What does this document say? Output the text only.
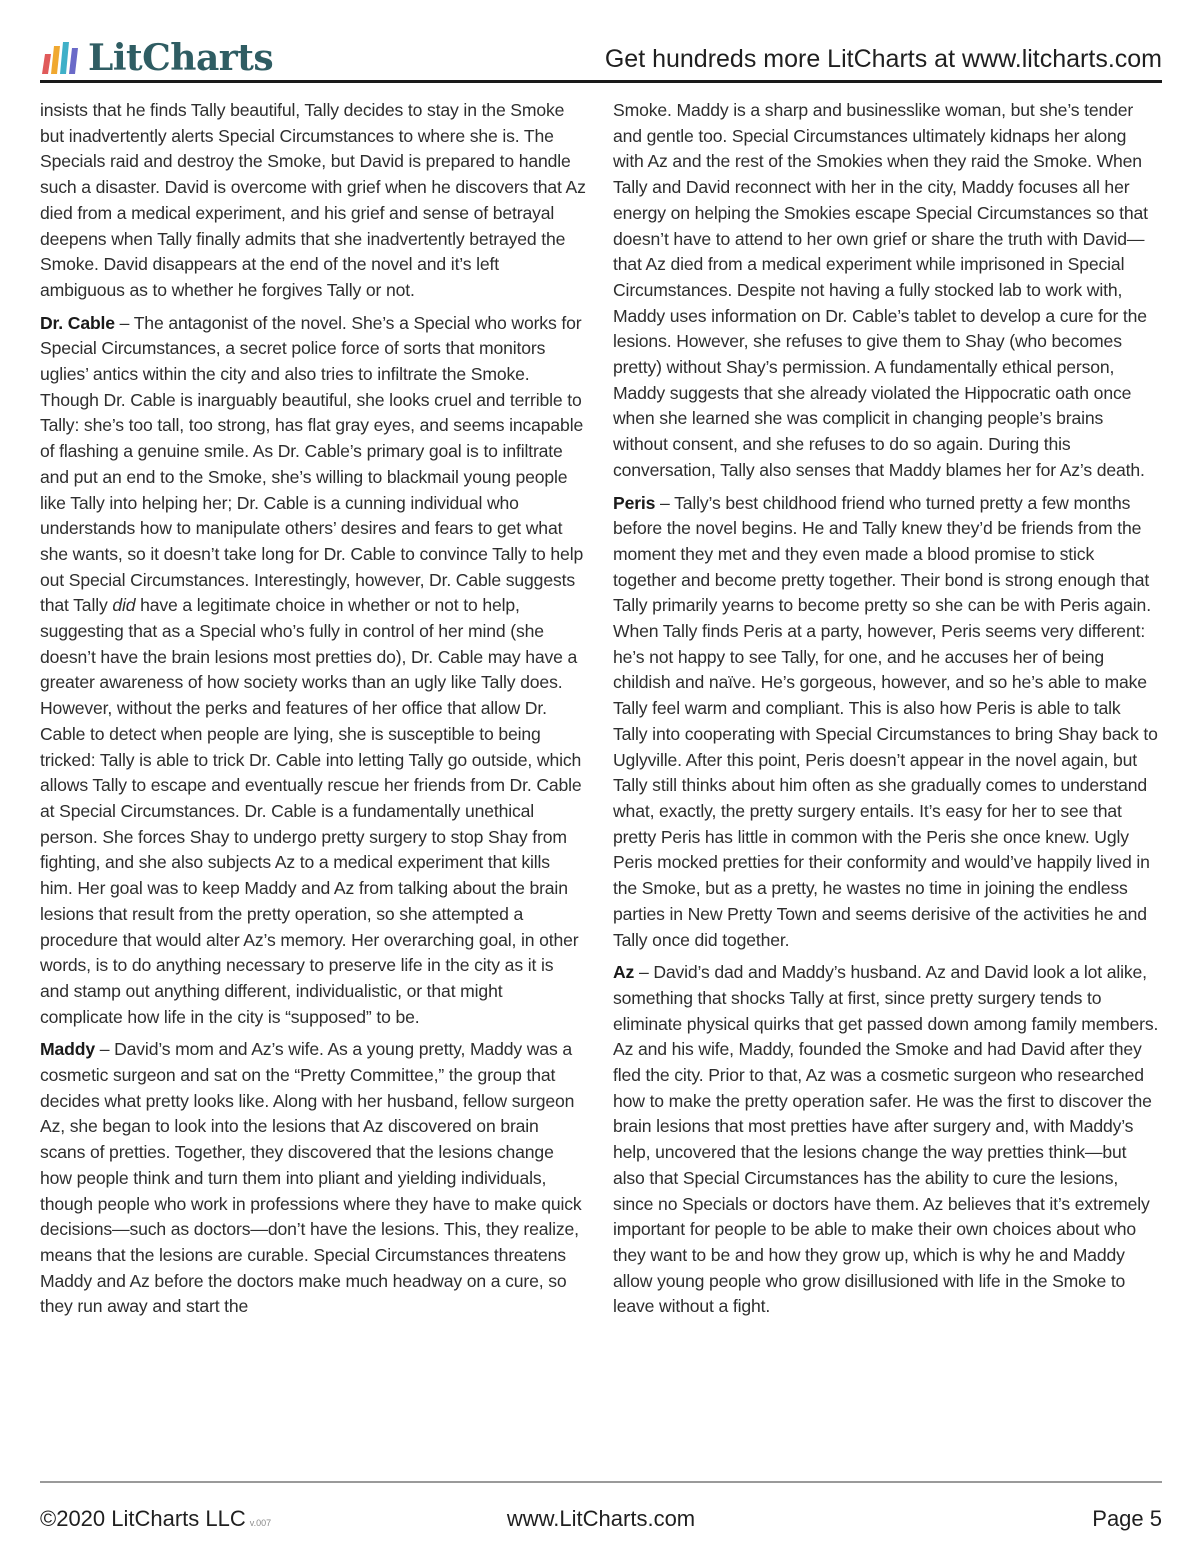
LitCharts	Get hundreds more LitCharts at www.litcharts.com

insists that he finds Tally beautiful, Tally decides to stay in the Smoke but inadvertently alerts Special Circumstances to where she is. The Specials raid and destroy the Smoke, but David is prepared to handle such a disaster. David is overcome with grief when he discovers that Az died from a medical experiment, and his grief and sense of betrayal deepens when Tally finally admits that she inadvertently betrayed the Smoke. David disappears at the end of the novel and it’s left ambiguous as to whether he forgives Tally or not.

Dr. Cable – The antagonist of the novel. She’s a Special who works for Special Circumstances, a secret police force of sorts that monitors uglies’ antics within the city and also tries to infiltrate the Smoke. Though Dr. Cable is inarguably beautiful, she looks cruel and terrible to Tally: she’s too tall, too strong, has flat gray eyes, and seems incapable of flashing a genuine smile. As Dr. Cable’s primary goal is to infiltrate and put an end to the Smoke, she’s willing to blackmail young people like Tally into helping her; Dr. Cable is a cunning individual who understands how to manipulate others’ desires and fears to get what she wants, so it doesn’t take long for Dr. Cable to convince Tally to help out Special Circumstances. Interestingly, however, Dr. Cable suggests that Tally did have a legitimate choice in whether or not to help, suggesting that as a Special who’s fully in control of her mind (she doesn’t have the brain lesions most pretties do), Dr. Cable may have a greater awareness of how society works than an ugly like Tally does. However, without the perks and features of her office that allow Dr. Cable to detect when people are lying, she is susceptible to being tricked: Tally is able to trick Dr. Cable into letting Tally go outside, which allows Tally to escape and eventually rescue her friends from Dr. Cable at Special Circumstances. Dr. Cable is a fundamentally unethical person. She forces Shay to undergo pretty surgery to stop Shay from fighting, and she also subjects Az to a medical experiment that kills him. Her goal was to keep Maddy and Az from talking about the brain lesions that result from the pretty operation, so she attempted a procedure that would alter Az’s memory. Her overarching goal, in other words, is to do anything necessary to preserve life in the city as it is and stamp out anything different, individualistic, or that might complicate how life in the city is “supposed” to be.

Maddy – David’s mom and Az’s wife. As a young pretty, Maddy was a cosmetic surgeon and sat on the “Pretty Committee,” the group that decides what pretty looks like. Along with her husband, fellow surgeon Az, she began to look into the lesions that Az discovered on brain scans of pretties. Together, they discovered that the lesions change how people think and turn them into pliant and yielding individuals, though people who work in professions where they have to make quick decisions—such as doctors—don’t have the lesions. This, they realize, means that the lesions are curable. Special Circumstances threatens Maddy and Az before the doctors make much headway on a cure, so they run away and start the

Smoke. Maddy is a sharp and businesslike woman, but she’s tender and gentle too. Special Circumstances ultimately kidnaps her along with Az and the rest of the Smokies when they raid the Smoke. When Tally and David reconnect with her in the city, Maddy focuses all her energy on helping the Smokies escape Special Circumstances so that doesn’t have to attend to her own grief or share the truth with David—that Az died from a medical experiment while imprisoned in Special Circumstances. Despite not having a fully stocked lab to work with, Maddy uses information on Dr. Cable’s tablet to develop a cure for the lesions. However, she refuses to give them to Shay (who becomes pretty) without Shay’s permission. A fundamentally ethical person, Maddy suggests that she already violated the Hippocratic oath once when she learned she was complicit in changing people’s brains without consent, and she refuses to do so again. During this conversation, Tally also senses that Maddy blames her for Az’s death.

Peris – Tally’s best childhood friend who turned pretty a few months before the novel begins. He and Tally knew they’d be friends from the moment they met and they even made a blood promise to stick together and become pretty together. Their bond is strong enough that Tally primarily yearns to become pretty so she can be with Peris again. When Tally finds Peris at a party, however, Peris seems very different: he’s not happy to see Tally, for one, and he accuses her of being childish and naïve. He’s gorgeous, however, and so he’s able to make Tally feel warm and compliant. This is also how Peris is able to talk Tally into cooperating with Special Circumstances to bring Shay back to Uglyville. After this point, Peris doesn’t appear in the novel again, but Tally still thinks about him often as she gradually comes to understand what, exactly, the pretty surgery entails. It’s easy for her to see that pretty Peris has little in common with the Peris she once knew. Ugly Peris mocked pretties for their conformity and would’ve happily lived in the Smoke, but as a pretty, he wastes no time in joining the endless parties in New Pretty Town and seems derisive of the activities he and Tally once did together.

Az – David’s dad and Maddy’s husband. Az and David look a lot alike, something that shocks Tally at first, since pretty surgery tends to eliminate physical quirks that get passed down among family members. Az and his wife, Maddy, founded the Smoke and had David after they fled the city. Prior to that, Az was a cosmetic surgeon who researched how to make the pretty operation safer. He was the first to discover the brain lesions that most pretties have after surgery and, with Maddy’s help, uncovered that the lesions change the way pretties think—but also that Special Circumstances has the ability to cure the lesions, since no Specials or doctors have them. Az believes that it’s extremely important for people to be able to make their own choices about who they want to be and how they grow up, which is why he and Maddy allow young people who grow disillusioned with life in the Smoke to leave without a fight.

www.LitCharts.com
©2020 LitCharts LLC v.007	Page 5
